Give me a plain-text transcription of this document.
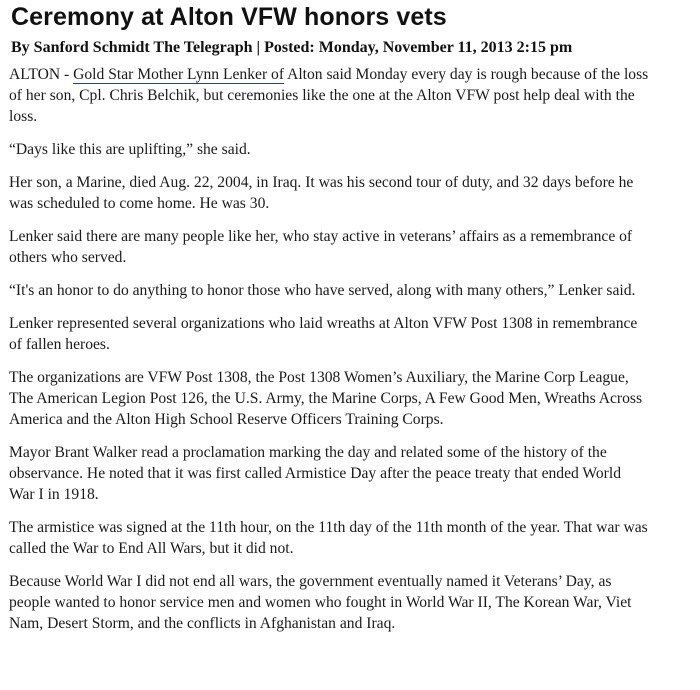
Ceremony at Alton VFW honors vets
By Sanford Schmidt The Telegraph | Posted: Monday, November 11, 2013 2:15 pm

ALTON - Gold Star Mother Lynn Lenker of Alton said Monday every day is rough because of the loss
of her son, Cpl. Chris Belchik, but ceremonies like the one at the Alton VFW post help deal with the
loss.

“Days like this are uplifting,” she said.

Her son, a Marine, died Aug. 22, 2004, in Iraq. It was his second tour of duty, and 32 days before he
was scheduled to come home. He was 30.

Lenker said there are many people like her, who stay active in veterans’ affairs as a remembrance of
others who served.

“It's an honor to do anything to honor those who have served, along with many others,” Lenker said.

Lenker represented several organizations who laid wreaths at Alton VFW Post 1308 in remembrance
of fallen heroes.

The organizations are VFW Post 1308, the Post 1308 Women’s Auxiliary, the Marine Corp League,
The American Legion Post 126, the U.S. Army, the Marine Corps, A Few Good Men, Wreaths Across
America and the Alton High School Reserve Officers Training Corps.

Mayor Brant Walker read a proclamation marking the day and related some of the history of the
observance. He noted that it was first called Armistice Day after the peace treaty that ended World
War I in 1918.

The armistice was signed at the 11th hour, on the 11th day of the 11th month of the year. That war was
called the War to End All Wars, but it did not.

Because World War I did not end all wars, the government eventually named it Veterans’ Day, as
people wanted to honor service men and women who fought in World War II, The Korean War, Viet
Nam, Desert Storm, and the conflicts in Afghanistan and Iraq.
